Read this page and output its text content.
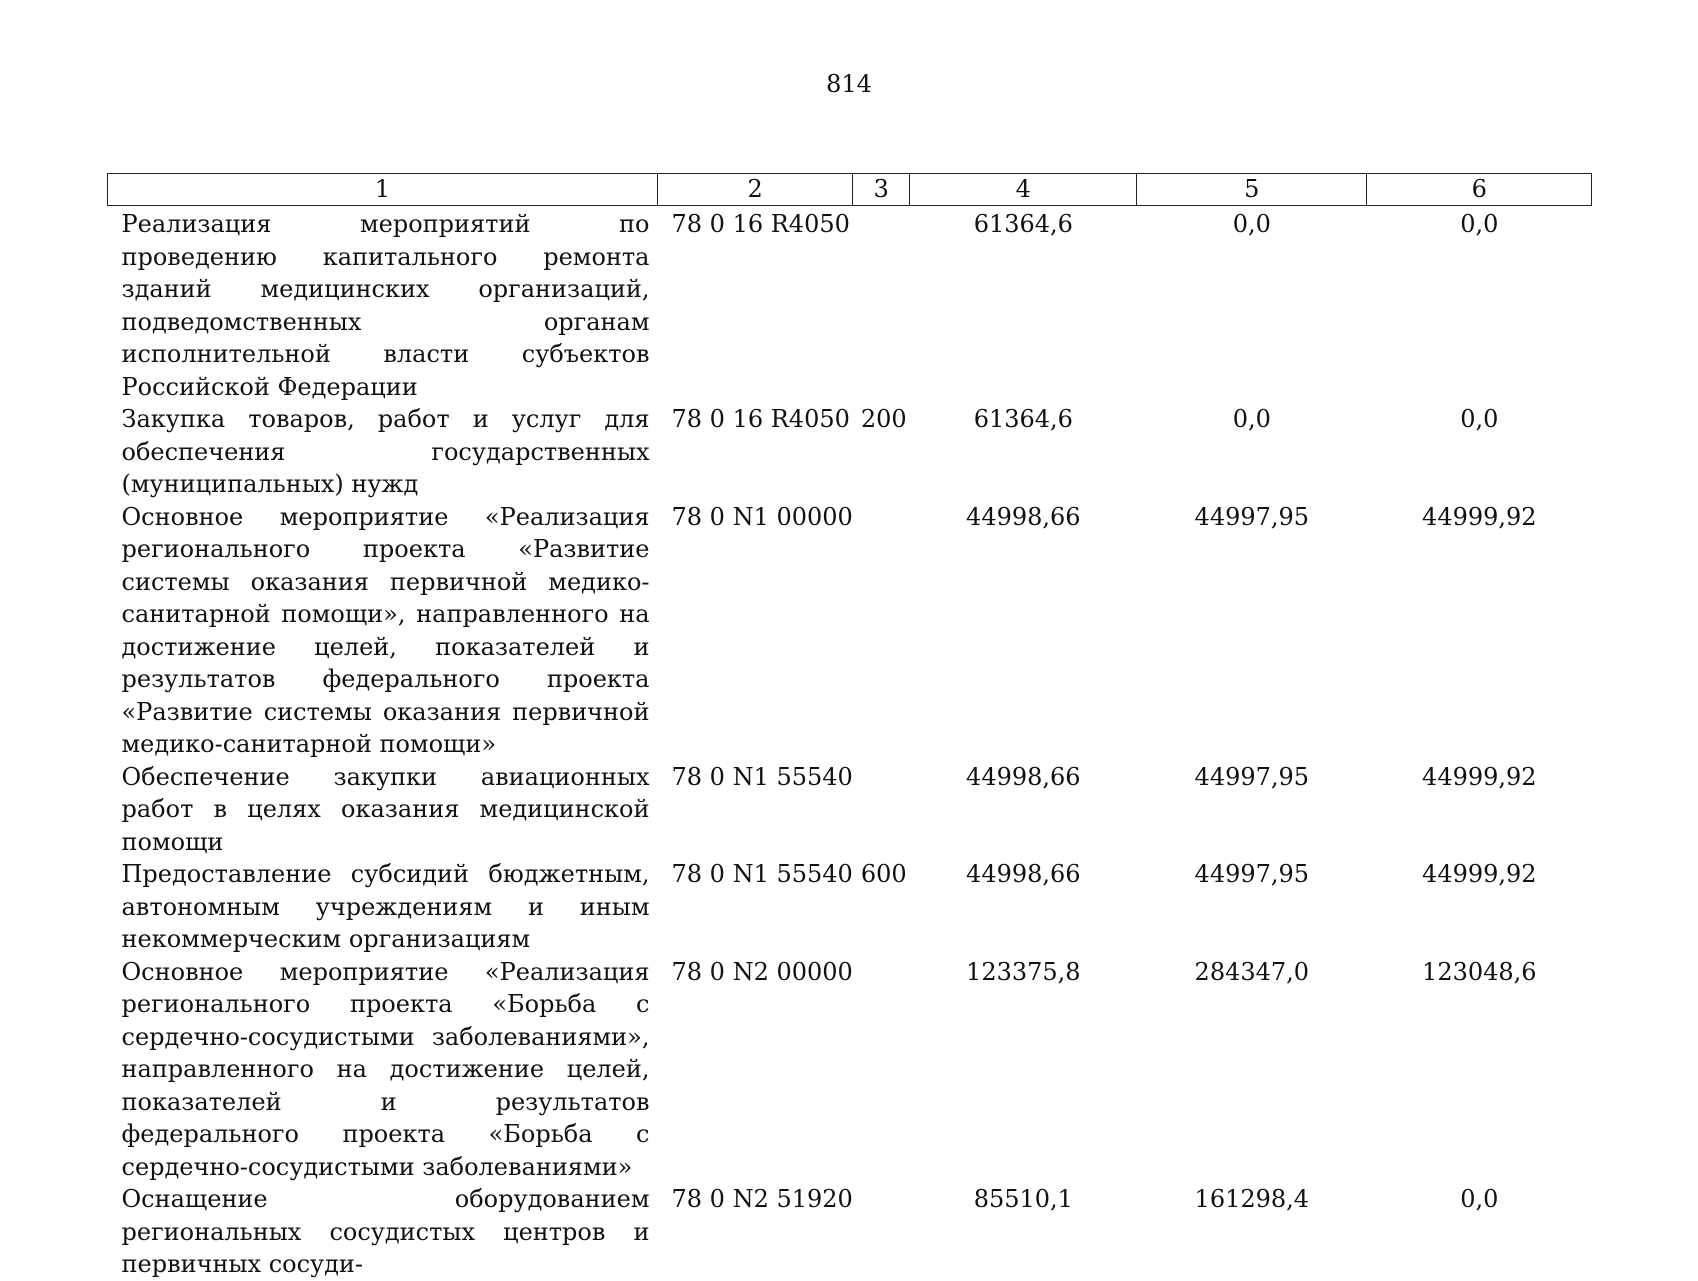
814
1	2	3	4	5	6
Реализация мероприятий по проведению капитального ремонта зданий медицинских организаций, подведомственных органам исполнительной власти субъектов Российской Федерации	78 0 16 R4050		61364,6	0,0	0,0
Закупка товаров, работ и услуг для обеспечения государственных (муниципальных) нужд	78 0 16 R4050	200	61364,6	0,0	0,0
Основное мероприятие «Реализация регионального проекта «Развитие системы оказания первичной медико-санитарной помощи», направленного на достижение целей, показателей и результатов федерального проекта «Развитие системы оказания первичной медико-санитарной помощи»	78 0 N1 00000		44998,66	44997,95	44999,92
Обеспечение закупки авиационных работ в целях оказания медицинской помощи	78 0 N1 55540		44998,66	44997,95	44999,92
Предоставление субсидий бюджетным, автономным учреждениям и иным некоммерческим организациям	78 0 N1 55540	600	44998,66	44997,95	44999,92
Основное мероприятие «Реализация регионального проекта «Борьба с сердечно-сосудистыми заболеваниями», направленного на достижение целей, показателей и результатов федерального проекта «Борьба с сердечно-сосудистыми заболеваниями»	78 0 N2 00000		123375,8	284347,0	123048,6
Оснащение оборудованием региональных сосудистых центров и первичных сосуди-	78 0 N2 51920		85510,1	161298,4	0,0
